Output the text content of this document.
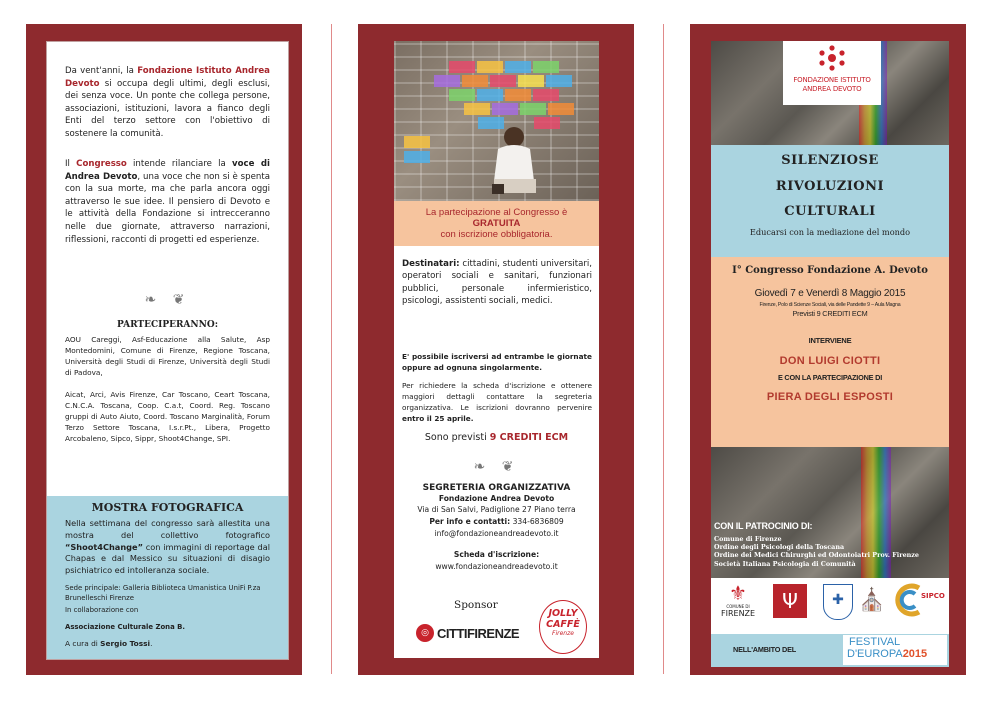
Da vent'anni, la Fondazione Istituto Andrea Devoto si occupa degli ultimi, degli esclusi, dei senza voce. Un ponte che collega persone, associazioni, istituzioni, lavora a fianco degli Enti del terzo settore con l'obiettivo di sostenere la comunità.
Il Congresso intende rilanciare la voce di Andrea Devoto, una voce che non si è spenta con la sua morte, ma che parla ancora oggi attraverso le sue idee. Il pensiero di Devoto e le attività della Fondazione si intrecceranno nelle due giornate, attraverso narrazioni, riflessioni, racconti di progetti ed esperienze.
❧ ❦
PARTECIPERANNO:
AOU Careggi, Asf-Educazione alla Salute, Asp Montedomini, Comune di Firenze, Regione Toscana, Università degli Studi di Firenze, Università degli Studi di Padova,
Aicat, Arci, Avis Firenze, Car Toscano, Ceart Toscana, C.N.C.A. Toscana, Coop. C.a.t, Coord. Reg. Toscano gruppi di Auto Aiuto, Coord. Toscano Marginalità, Forum Terzo Settore Toscana, I.s.r.Pt., Libera, Progetto Arcobaleno, Sipco, Sippr, Shoot4Change, SPI.
MOSTRA FOTOGRAFICA
Nella settimana del congresso sarà allestita una mostra del collettivo fotografico “Shoot4Change” con immagini di reportage dal Chapas e dal Messico su situazioni di disagio psichiatrico ed intolleranza sociale.
Sede principale: Galleria Biblioteca Umanistica UniFi P.za Brunelleschi Firenze
In collaborazione con
Associazione Culturale Zona B.
A cura di Sergio Tossi.
La partecipazione al Congresso è
GRATUITA
con iscrizione obbligatoria.
Destinatari: cittadini, studenti universitari, operatori sociali e sanitari, funzionari pubblici, personale infermieristico, psicologi, assistenti sociali, medici.
E' possibile iscriversi ad entrambe le giornate oppure ad ognuna singolarmente.
Per richiedere la scheda d'iscrizione e ottenere maggiori dettagli contattare la segreteria organizzativa. Le iscrizioni dovranno pervenire entro il 25 aprile.
Sono previsti 9 CREDITI ECM
❧ ❦
SEGRETERIA ORGANIZZATIVA
Fondazione Andrea Devoto
Via di San Salvi, Padiglione 27 Piano terra
Per info e contatti: 334-6836809
info@fondazioneandreadevoto.it
Scheda d'iscrizione:
www.fondazioneandreadevoto.it
Sponsor
◎ CITTIFIRENZE
JOLLY
CAFFÈ
Firenze
FONDAZIONE ISTITUTO
ANDREA DEVOTO
SILENZIOSE
RIVOLUZIONI
CULTURALI
Educarsi con la mediazione del mondo
I° Congresso Fondazione A. Devoto
Giovedì 7 e Venerdì 8 Maggio 2015
Firenze, Polo di Scienze Sociali, via delle Pandette 9 – Aula Magna
Previsti 9 CREDITI ECM
INTERVIENE
DON LUIGI CIOTTI
E CON LA PARTECIPAZIONE DI
PIERA DEGLI ESPOSTI
CON IL PATROCINIO DI:
Comune di Firenze
Ordine degli Psicologi della Toscana
Ordine dei Medici Chirurghi ed Odontoiatri Prov. Firenze
Società Italiana Psicologia di Comunità
⚜
COMUNE DI
FIRENZE
Ψ	✚ ⛪	SIPCO
NELL'AMBITO DEL
FESTIVAL
D'EUROPA2015
